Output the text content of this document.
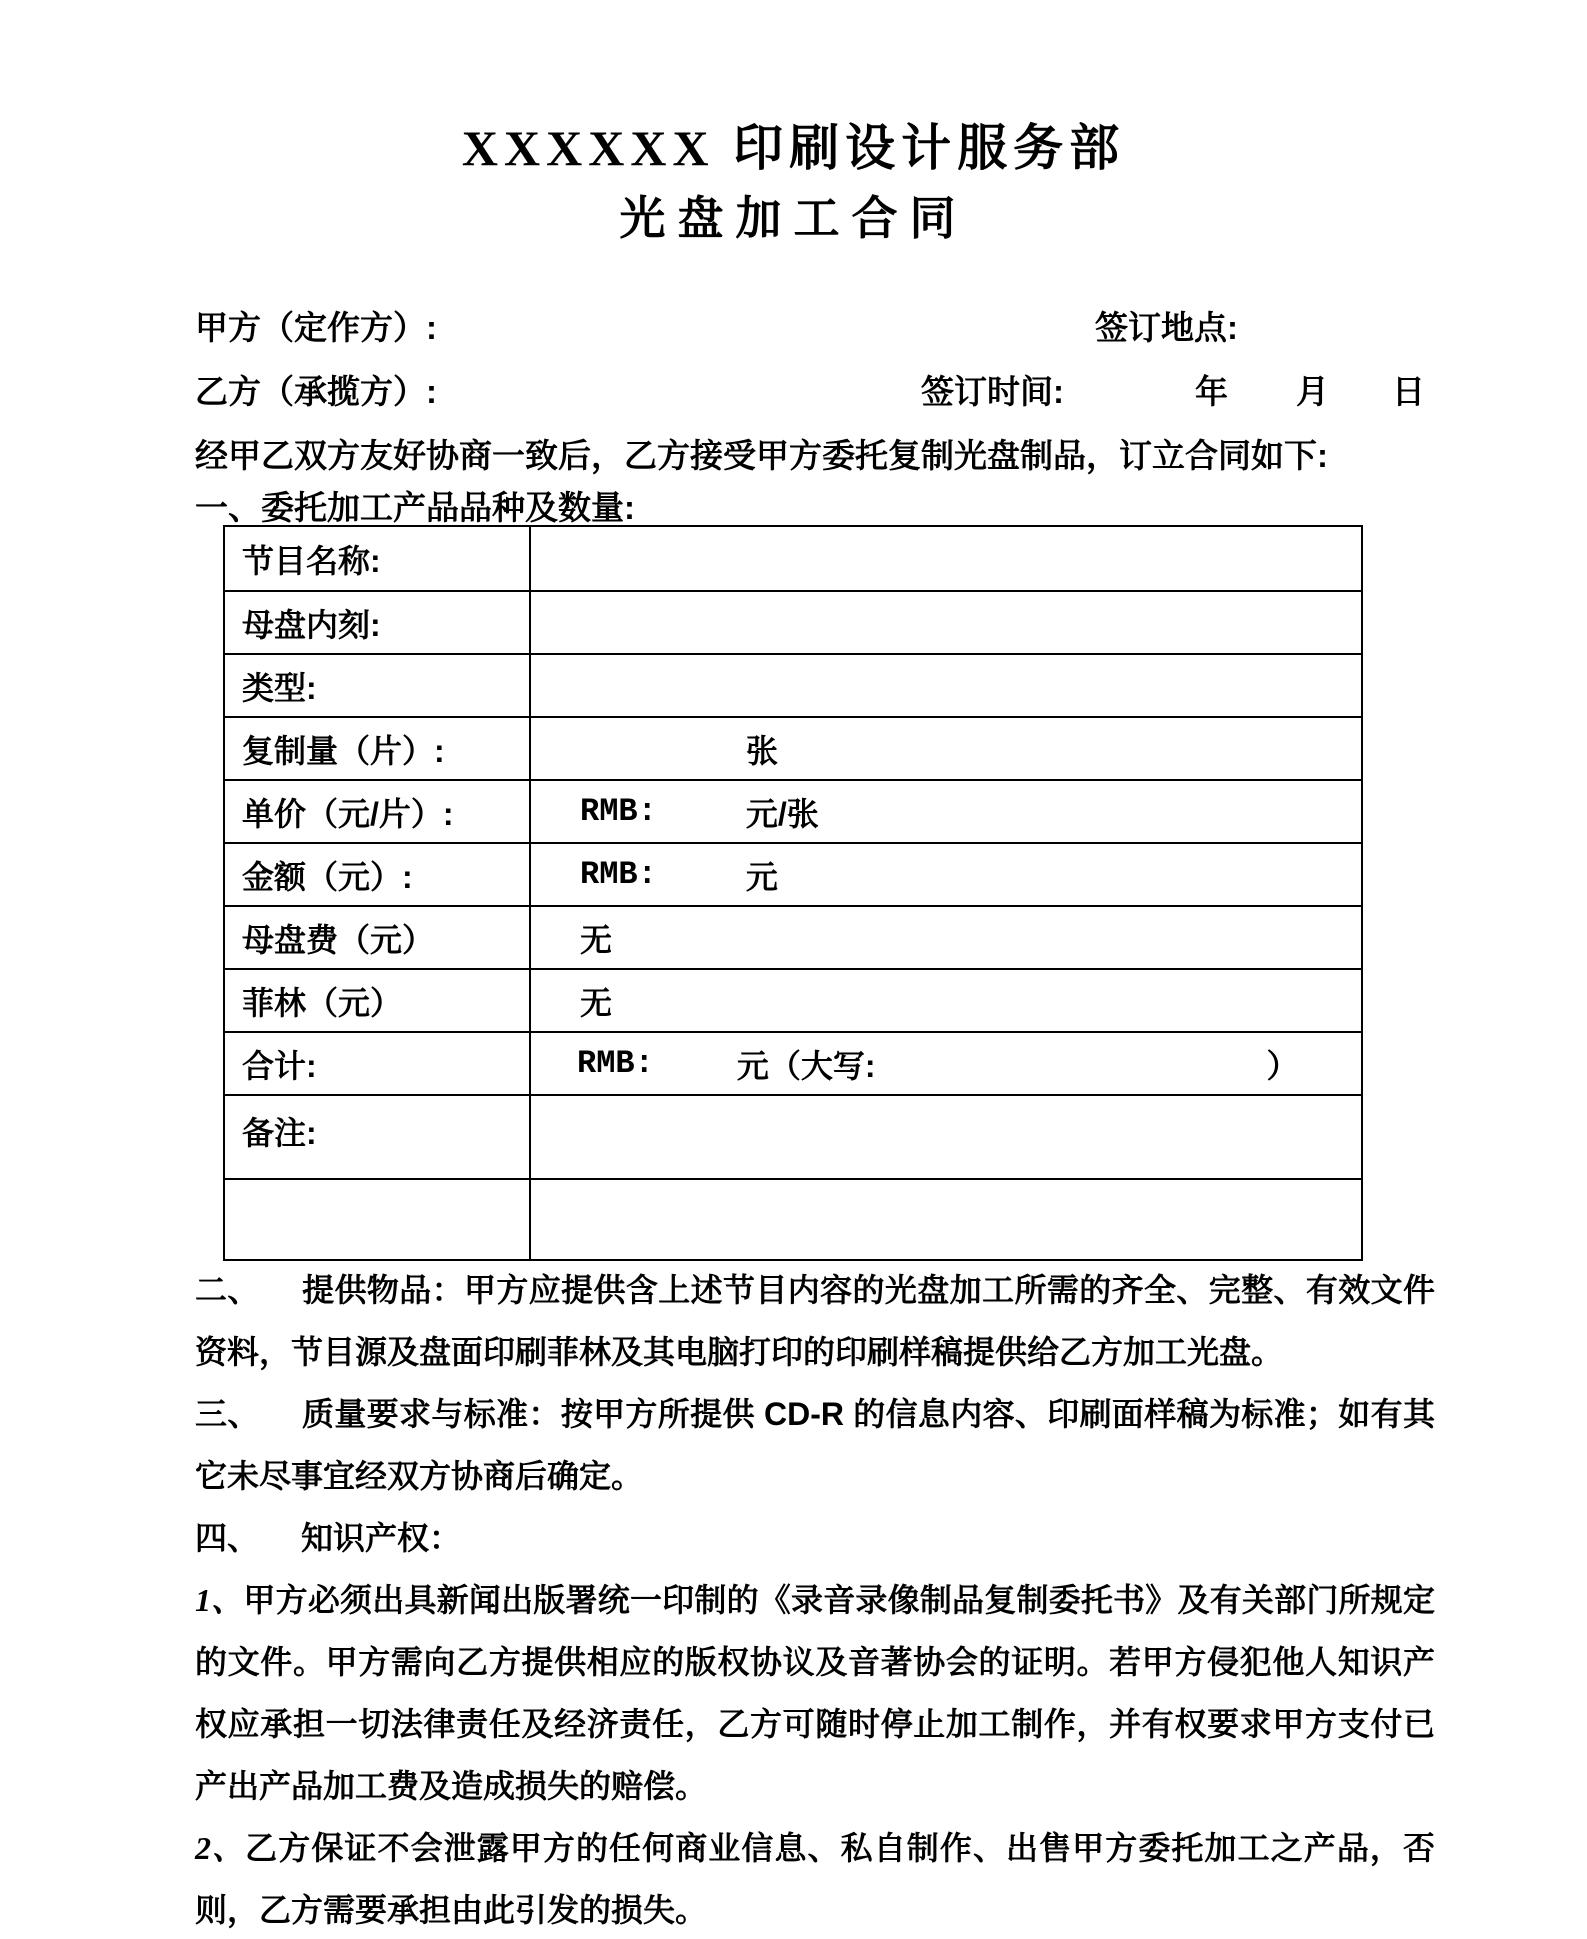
XXXXXX 印刷设计服务部
光盘加工合同
甲方（定作方）:	签订地点:
乙方（承揽方）:	签订时间:	年 月 日
经甲乙双方友好协商一致后，乙方接受甲方委托复制光盘制品，订立合同如下:
一、委托加工产品品种及数量:
节目名称:
母盘内刻:
类型:
复制量（片）:	张
单价（元/片）:	RMB:	元/张
金额（元）:	RMB:	元
母盘费（元）	无
菲林（元）	无
合计:	RMB:	元（大写:	）
备注:
二、 提供物品：甲方应提供含上述节目内容的光盘加工所需的齐全、完整、有效文件资料，节目源及盘面印刷菲林及其电脑打印的印刷样稿提供给乙方加工光盘。
三、 质量要求与标准：按甲方所提供 CD-R 的信息内容、印刷面样稿为标准；如有其它未尽事宜经双方协商后确定。
四、 知识产权：
1、甲方必须出具新闻出版署统一印制的《录音录像制品复制委托书》及有关部门所规定的文件。甲方需向乙方提供相应的版权协议及音著协会的证明。若甲方侵犯他人知识产权应承担一切法律责任及经济责任，乙方可随时停止加工制作，并有权要求甲方支付已产出产品加工费及造成损失的赔偿。
2、乙方保证不会泄露甲方的任何商业信息、私自制作、出售甲方委托加工之产品，否则，乙方需要承担由此引发的损失。
